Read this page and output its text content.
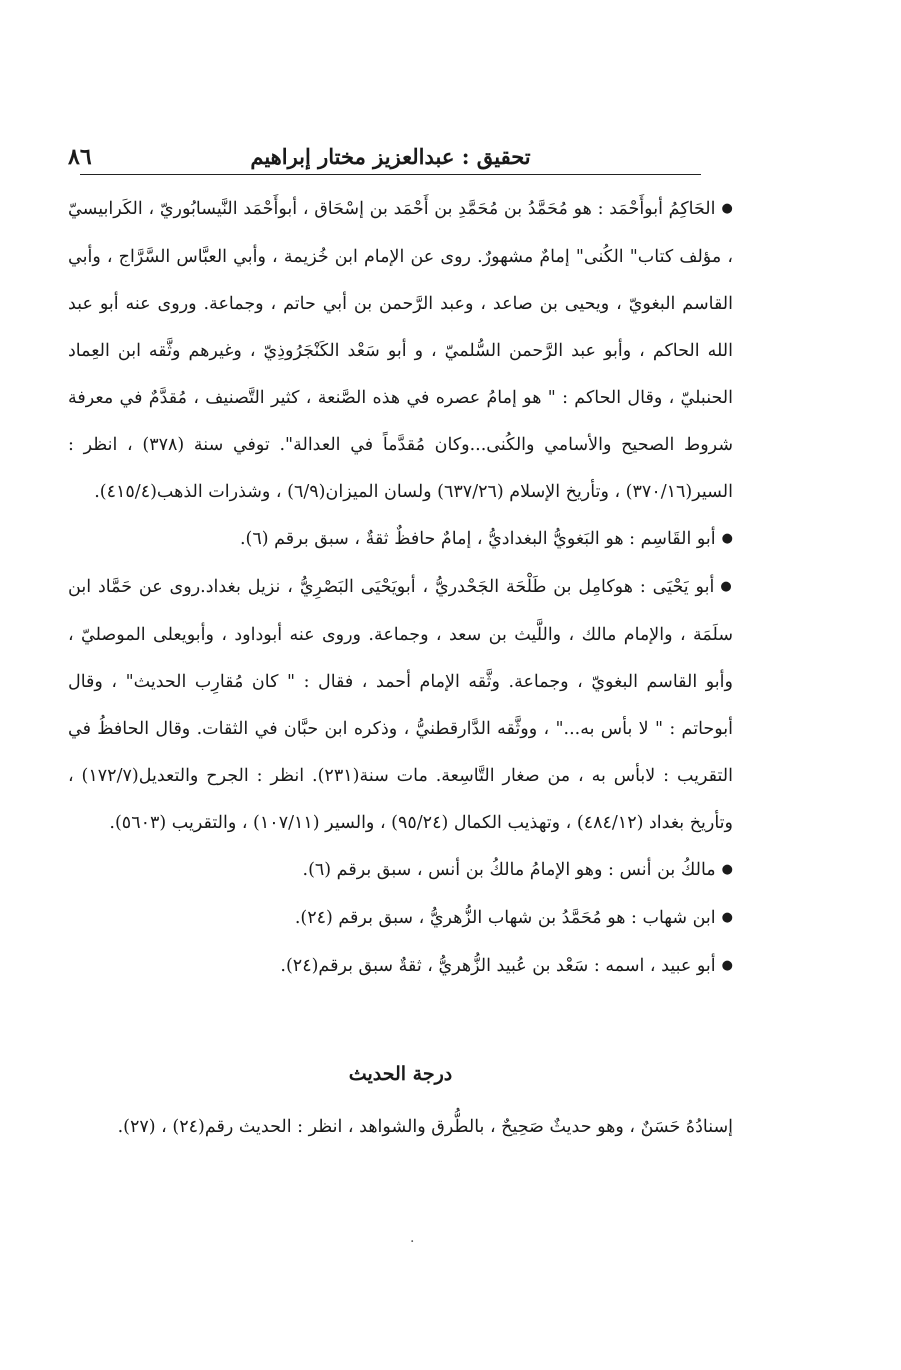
تحقيق : عبدالعزيز مختار إبراهيم
٨٦

● الحَاكِمُ أبوأَحْمَد : هو مُحَمَّدُ بن مُحَمَّدِ بن أَحْمَد بن إسْحَاق ، أبوأَحْمَد النَّيسابُوريّ ، الكَرابيسيّ ، مؤلف كتاب" الكُنى" إمامٌ مشهورٌ. روى عن الإمام ابن خُزيمة ، وأبي العبَّاس السَّرَّاج ، وأبي القاسم البغويّ ، ويحيى بن صاعد ، وعبد الرَّحمن بن أبي حاتم ، وجماعة. وروى عنه أبو عبد الله الحاكم ، وأبو عبد الرَّحمن السُّلميّ ، و أبو سَعْد الكَنْجَرُوذِيّ ، وغيرهم وثَّقه ابن العِماد الحنبليّ ، وقال الحاكم : " هو إمامُ عصره في هذه الصَّنعة ، كثير التَّصنيف ، مُقدَّمٌ في معرفة شروط الصحيح والأسامي والكُنى...وكان مُقدَّماً في العدالة". توفي سنة (٣٧٨) ، انظر : السير(٣٧٠/١٦) ، وتأريخ الإسلام (٦٣٧/٢٦) ولسان الميزان(٦/٩) ، وشذرات الذهب(٤١٥/٤).

● أبو القَاسِم : هو البَغويُّ البغداديُّ ، إمامٌ حافظٌ ثقةٌ ، سبق برقم (٦).

● أبو يَحْيَى : هوكامِل بن طَلْحَة الجَحْدريُّ ، أبويَحْيَى البَصْرِيُّ ، نزيل بغداد.روى عن حَمَّاد ابن سلَمَة ، والإمام مالك ، واللَّيث بن سعد ، وجماعة. وروى عنه أبوداود ، وأبويعلى الموصليّ ، وأبو القاسم البغويّ ، وجماعة. وثَّقه الإمام أحمد ، فقال : " كان مُقارِب الحديث" ، وقال أبوحاتم : " لا بأس به..." ، ووثَّقه الدَّارقطنيُّ ، وذكره ابن حبَّان في الثقات. وقال الحافظُ في التقريب : لابأس به ، من صغار التَّاسِعة. مات سنة(٢٣١). انظر : الجرح والتعديل(١٧٢/٧) ، وتأريخ بغداد (٤٨٤/١٢) ، وتهذيب الكمال (٩٥/٢٤) ، والسير (١٠٧/١١) ، والتقريب (٥٦٠٣).

● مالكُ بن أنس : وهو الإمامُ مالكُ بن أنس ، سبق برقم (٦).

● ابن شهاب : هو مُحَمَّدُ بن شهاب الزُّهريُّ ، سبق برقم (٢٤).

● أبو عبيد ، اسمه : سَعْد بن عُبيد الزُّهريُّ ، ثقةٌ سبق برقم(٢٤).

درجة الحديث

إسنادُهُ حَسَنٌ ، وهو حديثٌ صَحِيحٌ ، بالطُّرق والشواهد ، انظر : الحديث رقم(٢٤) ، (٢٧).

·
